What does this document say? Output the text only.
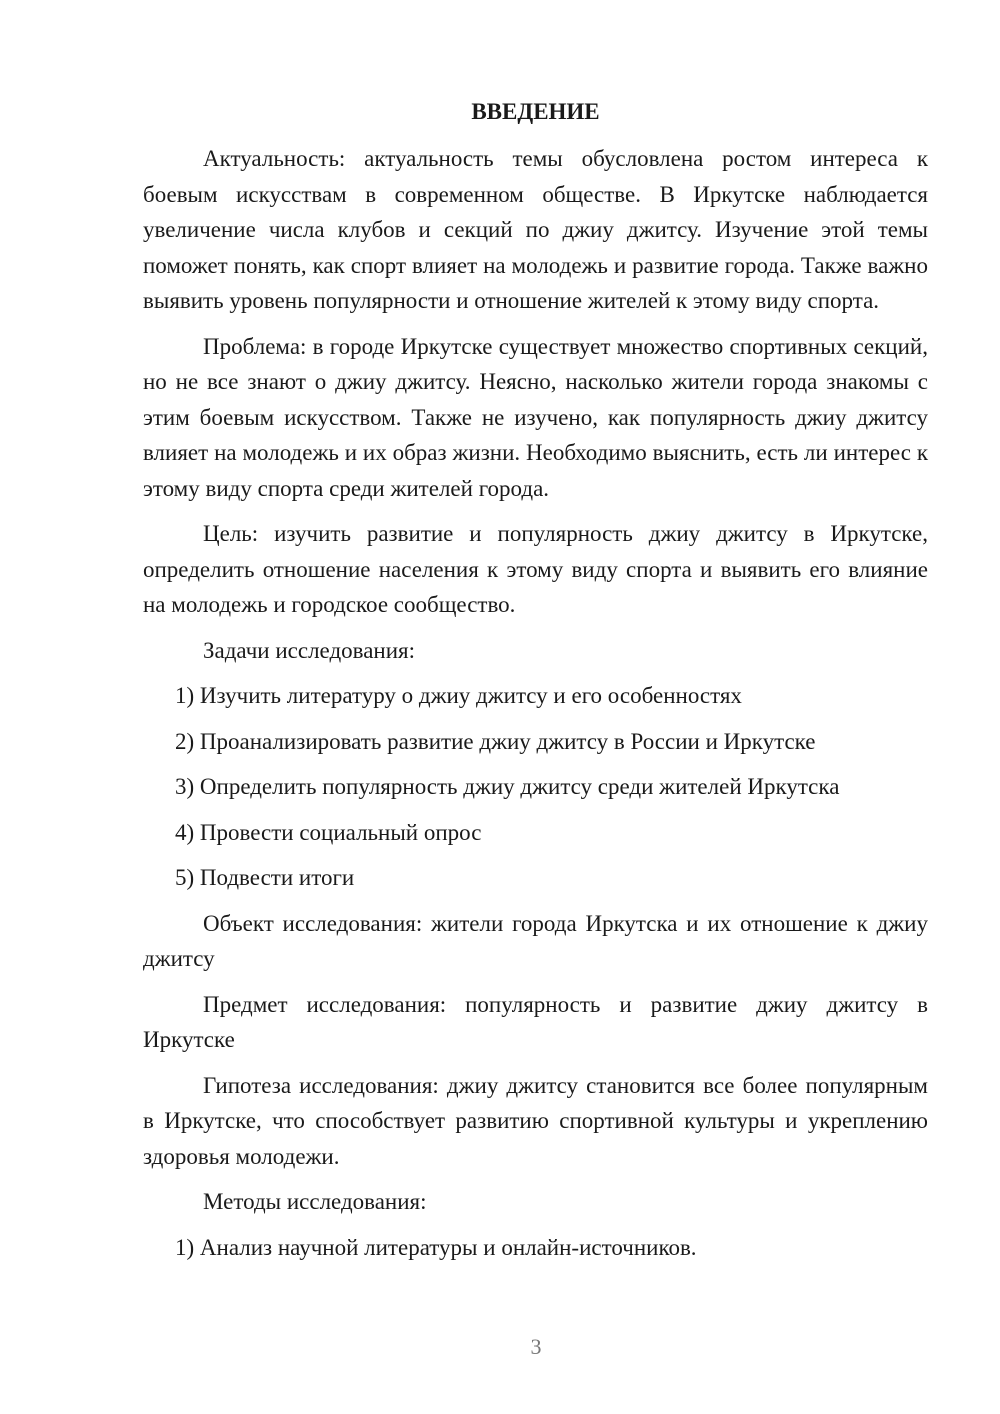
ВВЕДЕНИЕ

Актуальность: актуальность темы обусловлена ростом интереса к боевым искусствам в современном обществе. В Иркутске наблюдается увеличение числа клубов и секций по джиу джитсу. Изучение этой темы поможет понять, как спорт влияет на молодежь и развитие города. Также важно выявить уровень популярности и отношение жителей к этому виду спорта.

Проблема: в городе Иркутске существует множество спортивных секций, но не все знают о джиу джитсу. Неясно, насколько жители города знакомы с этим боевым искусством. Также не изучено, как популярность джиу джитсу влияет на молодежь и их образ жизни. Необходимо выяснить, есть ли интерес к этому виду спорта среди жителей города.

Цель: изучить развитие и популярность джиу джитсу в Иркутске, определить отношение населения к этому виду спорта и выявить его влияние на молодежь и городское сообщество.

Задачи исследования:

1) Изучить литературу о джиу джитсу и его особенностях
2) Проанализировать развитие джиу джитсу в России и Иркутске
3) Определить популярность джиу джитсу среди жителей Иркутска
4) Провести социальный опрос
5) Подвести итоги

Объект исследования: жители города Иркутска и их отношение к джиу джитсу

Предмет исследования: популярность и развитие джиу джитсу в Иркутске

Гипотеза исследования: джиу джитсу становится все более популярным в Иркутске, что способствует развитию спортивной культуры и укреплению здоровья молодежи.

Методы исследования:

1) Анализ научной литературы и онлайн-источников.
3
